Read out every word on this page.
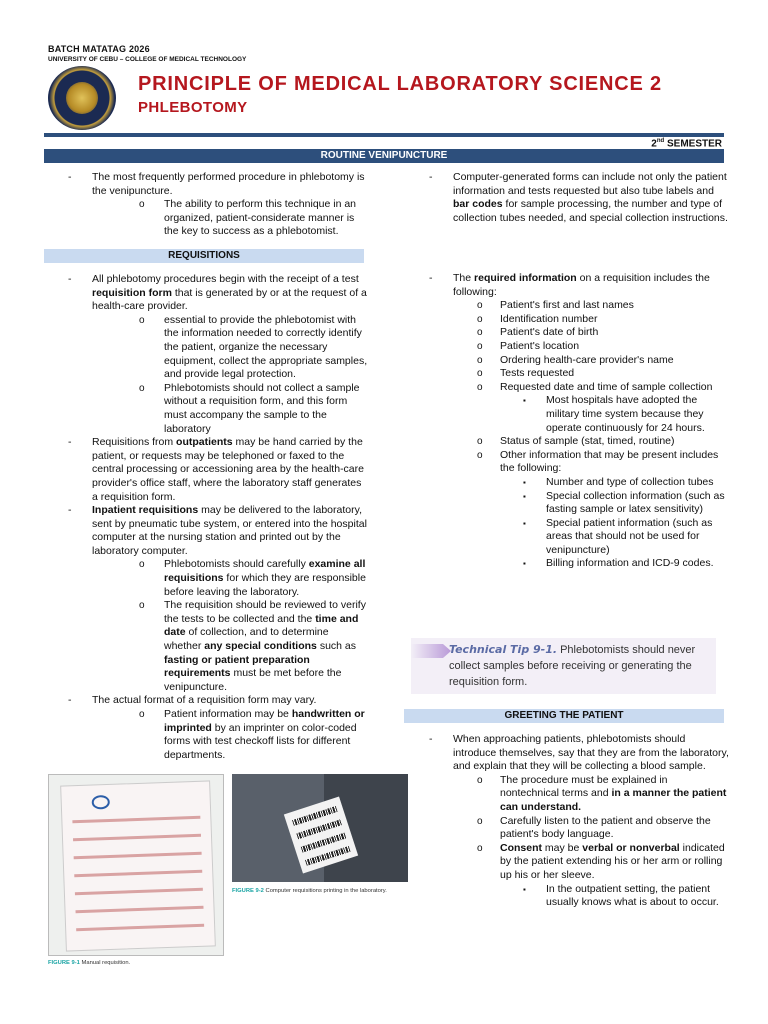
BATCH MATATAG 2026
UNIVERSITY OF CEBU – COLLEGE OF MEDICAL TECHNOLOGY
PRINCIPLE OF MEDICAL LABORATORY SCIENCE 2
PHLEBOTOMY
2nd SEMESTER
ROUTINE VENIPUNCTURE
- The most frequently performed procedure in phlebotomy is the venipuncture.
o The ability to perform this technique in an organized, patient-considerate manner is the key to success as a phlebotomist.
REQUISITIONS
- All phlebotomy procedures begin with the receipt of a test requisition form that is generated by or at the request of a health-care provider.
o essential to provide the phlebotomist with the information needed to correctly identify the patient, organize the necessary equipment, collect the appropriate samples, and provide legal protection.
o Phlebotomists should not collect a sample without a requisition form, and this form must accompany the sample to the laboratory
- Requisitions from outpatients may be hand carried by the patient, or requests may be telephoned or faxed to the central processing or accessioning area by the health-care provider's office staff, where the laboratory staff generates a requisition form.
- Inpatient requisitions may be delivered to the laboratory, sent by pneumatic tube system, or entered into the hospital computer at the nursing station and printed out by the laboratory computer.
o Phlebotomists should carefully examine all requisitions for which they are responsible before leaving the laboratory.
o The requisition should be reviewed to verify the tests to be collected and the time and date of collection, and to determine whether any special conditions such as fasting or patient preparation requirements must be met before the venipuncture.
- The actual format of a requisition form may vary.
o Patient information may be handwritten or imprinted by an imprinter on color-coded forms with test checkoff lists for different departments.
FIGURE 9-1 Manual requisition.
FIGURE 9-2 Computer requisitions printing in the laboratory.
- Computer-generated forms can include not only the patient information and tests requested but also tube labels and bar codes for sample processing, the number and type of collection tubes needed, and special collection instructions.
- The required information on a requisition includes the following:
o Patient's first and last names
o Identification number
o Patient's date of birth
o Patient's location
o Ordering health-care provider's name
o Tests requested
o Requested date and time of sample collection
▪ Most hospitals have adopted the military time system because they operate continuously for 24 hours.
o Status of sample (stat, timed, routine)
o Other information that may be present includes the following:
▪ Number and type of collection tubes
▪ Special collection information (such as fasting sample or latex sensitivity)
▪ Special patient information (such as areas that should not be used for venipuncture)
▪ Billing information and ICD-9 codes.
Technical Tip 9-1. Phlebotomists should never
collect samples before receiving or generating the requisition form.
GREETING THE PATIENT
- When approaching patients, phlebotomists should introduce themselves, say that they are from the laboratory, and explain that they will be collecting a blood sample.
o The procedure must be explained in nontechnical terms and in a manner the patient can understand.
o Carefully listen to the patient and observe the patient's body language.
o Consent may be verbal or nonverbal indicated by the patient extending his or her arm or rolling up his or her sleeve.
▪ In the outpatient setting, the patient usually knows what is about to occur.
